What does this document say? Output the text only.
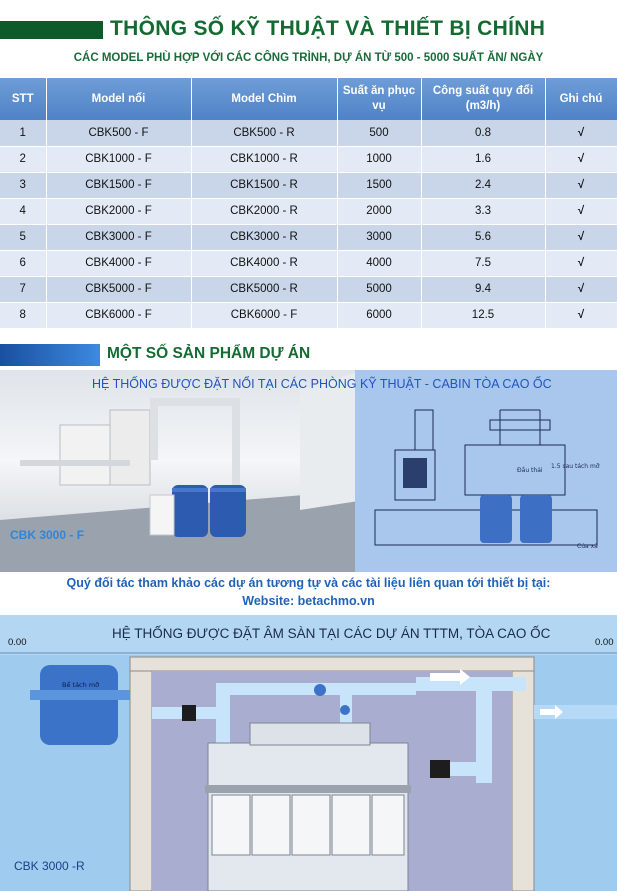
THÔNG SỐ KỸ THUẬT VÀ THIẾT BỊ CHÍNH
CÁC MODEL PHÙ HỢP VỚI CÁC CÔNG TRÌNH, DỰ ÁN TỪ 500 - 5000 SUẤT ĂN/ NGÀY
STT	Model nổi	Model Chìm	Suất ăn phục vụ	Công suất quy đổi (m3/h)	Ghi chú
1	CBK500 - F	CBK500 - R	500	0.8	√
2	CBK1000 - F	CBK1000 - R	1000	1.6	√
3	CBK1500 - F	CBK1500 - R	1500	2.4	√
4	CBK2000 - F	CBK2000 - R	2000	3.3	√
5	CBK3000 - F	CBK3000 - R	3000	5.6	√
6	CBK4000 - F	CBK4000 - R	4000	7.5	√
7	CBK5000 - F	CBK5000 - R	5000	9.4	√
8	CBK6000 - F	CBK6000 - F	6000	12.5	√
MỘT SỐ SẢN PHẨM DỰ ÁN
Đầu thải
1.5 sau tách mỡ
Cửa xả
HỆ THỐNG ĐƯỢC ĐẶT NỔI TẠI CÁC PHÒNG KỸ THUẬT - CABIN TÒA CAO ỐC
CBK 3000 - F
Quý đối tác tham khảo các dự án tương tự và các tài liệu liên quan tới thiết bị tại:
Website: betachmo.vn
Bể tách mỡ
HỆ THỐNG ĐƯỢC ĐẶT ÂM SÀN TẠI CÁC DỰ ÁN TTTM, TÒA CAO ỐC
0.00	0.00
CBK 3000 -R
